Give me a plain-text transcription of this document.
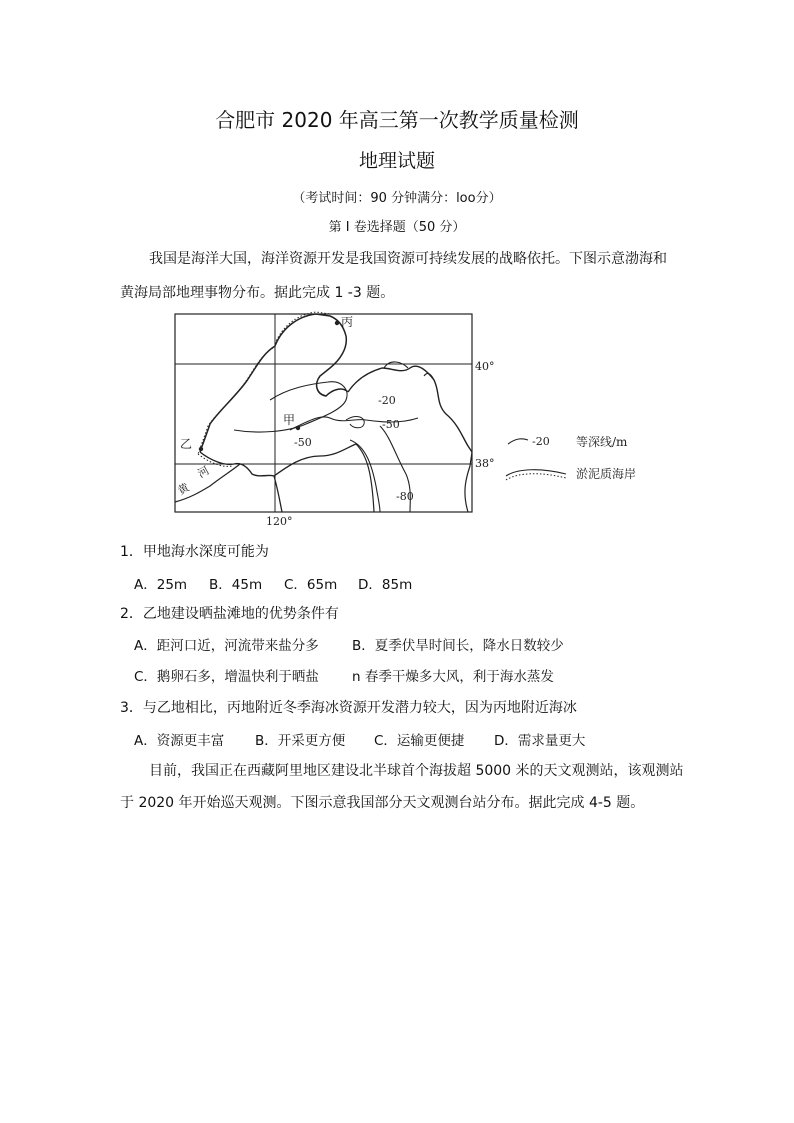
合肥市 2020 年高三第一次教学质量检测
地理试题
（考试时间：90 分钟满分：loo分）
第 I 卷选择题（50 分）
我国是海洋大国，海洋资源开发是我国资源可持续发展的战略依托。下图示意渤海和
黄海局部地理事物分布。据此完成 1 -3 题。
丙
甲
乙
黄
河
-20
-50
-50
-80
40°
38°
120°
-20 等深线/m
淤泥质海岸
1．甲地海水深度可能为
A．25m B．45m C．65m D．85m
2．乙地建设晒盐滩地的优势条件有
A．距河口近，河流带来盐分多 B．夏季伏旱时间长，降水日数较少
C．鹅卵石多，增温快利于晒盐 n 春季干燥多大风，利于海水蒸发
3．与乙地相比，丙地附近冬季海冰资源开发潜力较大，因为丙地附近海冰
A．资源更丰富 B．开采更方便 C．运输更便捷 D．需求量更大
目前，我国正在西藏阿里地区建设北半球首个海拔超 5000 米的天文观测站，该观测站
于 2020 年开始巡天观测。下图示意我国部分天文观测台站分布。据此完成 4-5 题。
